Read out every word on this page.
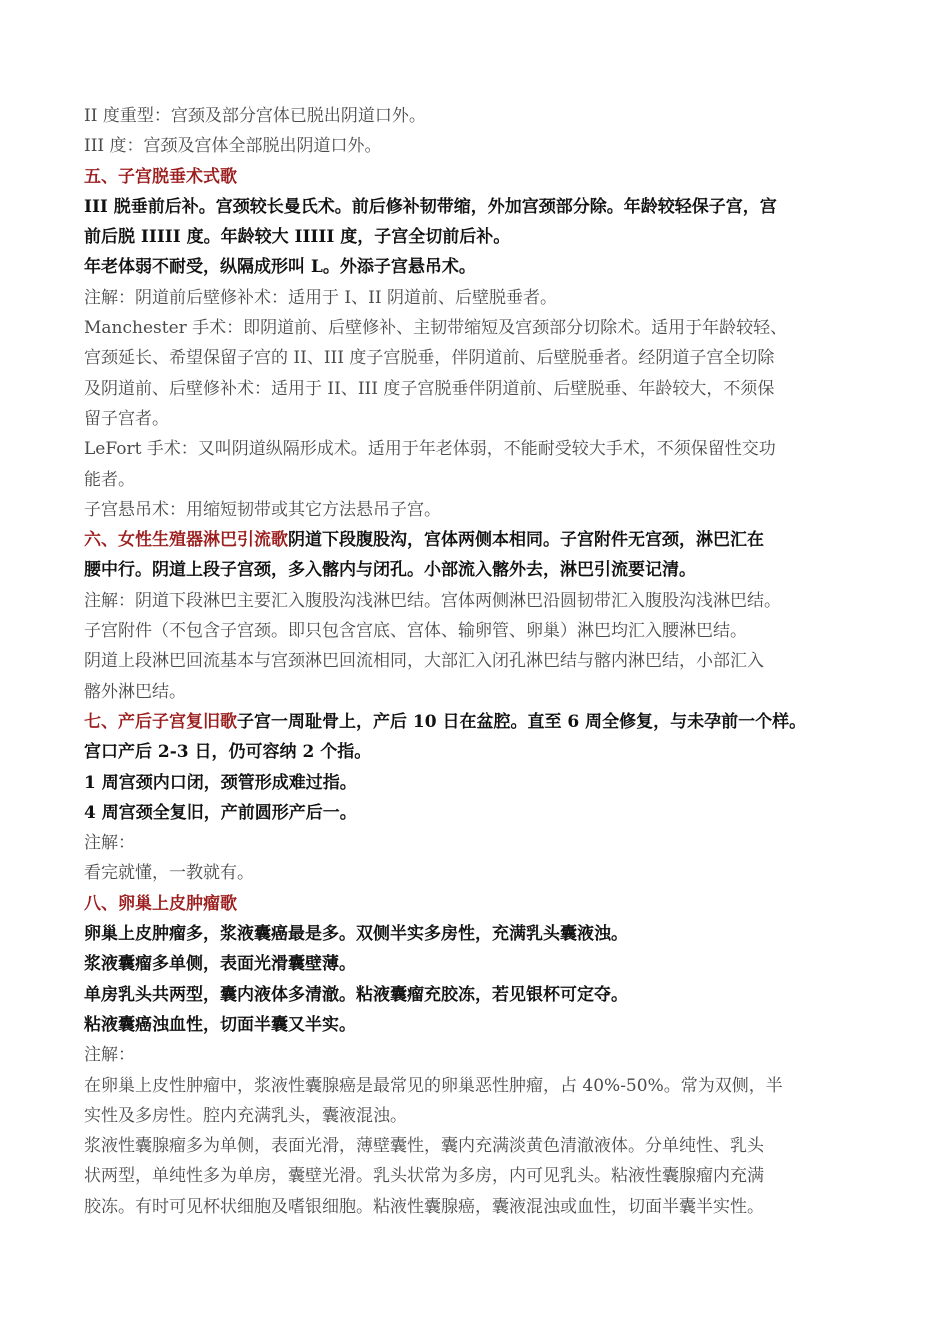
II 度重型：宫颈及部分宫体已脱出阴道口外。
III 度：宫颈及宫体全部脱出阴道口外。
五、子宫脱垂术式歌
III 脱垂前后补。宫颈较长曼氏术。前后修补韧带缩，外加宫颈部分除。年龄较轻保子宫，宫
前后脱 IIIII 度。年龄较大 IIIII 度，子宫全切前后补。
年老体弱不耐受，纵隔成形叫 L。外添子宫悬吊术。
注解：阴道前后壁修补术：适用于 I、II 阴道前、后壁脱垂者。
Manchester 手术：即阴道前、后壁修补、主韧带缩短及宫颈部分切除术。适用于年龄较轻、
宫颈延长、希望保留子宫的 II、III 度子宫脱垂，伴阴道前、后壁脱垂者。经阴道子宫全切除
及阴道前、后壁修补术：适用于 II、III 度子宫脱垂伴阴道前、后壁脱垂、年龄较大，不须保
留子宫者。
LeFort 手术：又叫阴道纵隔形成术。适用于年老体弱，不能耐受较大手术，不须保留性交功
能者。
子宫悬吊术：用缩短韧带或其它方法悬吊子宫。
六、女性生殖器淋巴引流歌阴道下段腹股沟，宫体两侧本相同。子宫附件无宫颈，淋巴汇在
腰中行。阴道上段子宫颈，多入髂内与闭孔。小部流入髂外去，淋巴引流要记清。
注解：阴道下段淋巴主要汇入腹股沟浅淋巴结。宫体两侧淋巴沿圆韧带汇入腹股沟浅淋巴结。
子宫附件（不包含子宫颈。即只包含宫底、宫体、输卵管、卵巢）淋巴均汇入腰淋巴结。
阴道上段淋巴回流基本与宫颈淋巴回流相同，大部汇入闭孔淋巴结与髂内淋巴结，小部汇入
髂外淋巴结。
七、产后子宫复旧歌子宫一周耻骨上，产后 10 日在盆腔。直至 6 周全修复，与未孕前一个样。
宫口产后 2-3 日，仍可容纳 2 个指。
1 周宫颈内口闭，颈管形成难过指。
4 周宫颈全复旧，产前圆形产后一。
注解：
看完就懂，一教就有。
八、卵巢上皮肿瘤歌
卵巢上皮肿瘤多，浆液囊癌最是多。双侧半实多房性，充满乳头囊液浊。
浆液囊瘤多单侧，表面光滑囊壁薄。
单房乳头共两型，囊内液体多清澈。粘液囊瘤充胶冻，若见银杯可定夺。
粘液囊癌浊血性，切面半囊又半实。
注解：
在卵巢上皮性肿瘤中，浆液性囊腺癌是最常见的卵巢恶性肿瘤，占 40%-50%。常为双侧，半
实性及多房性。腔内充满乳头，囊液混浊。
浆液性囊腺瘤多为单侧，表面光滑，薄壁囊性，囊内充满淡黄色清澈液体。分单纯性、乳头
状两型，单纯性多为单房，囊壁光滑。乳头状常为多房，内可见乳头。粘液性囊腺瘤内充满
胶冻。有时可见杯状细胞及嗜银细胞。粘液性囊腺癌，囊液混浊或血性，切面半囊半实性。
